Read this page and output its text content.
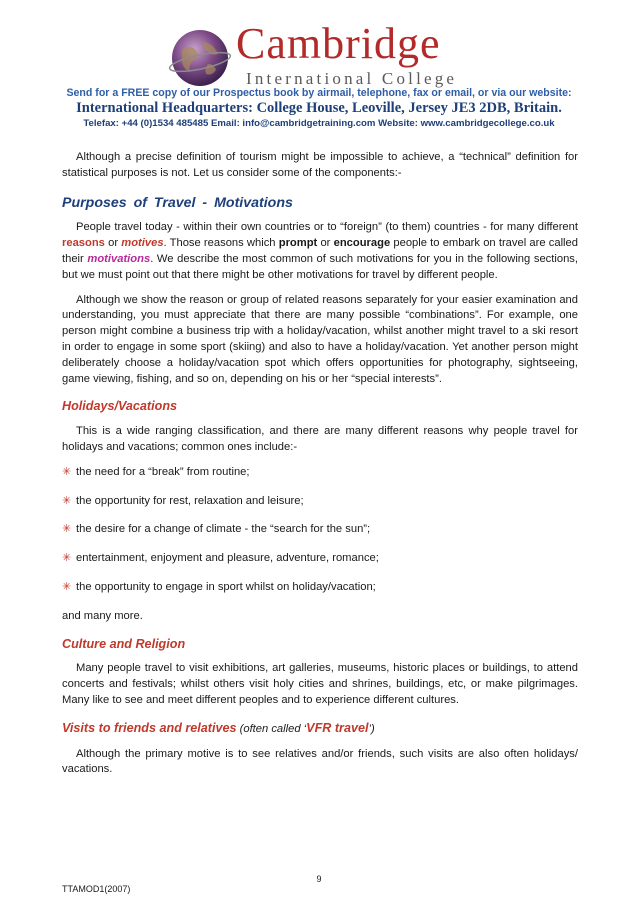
Cambridge
International College
Send for a FREE copy of our Prospectus book by airmail, telephone, fax or email, or via our website:
International Headquarters: College House, Leoville, Jersey JE3 2DB, Britain.
Telefax: +44 (0)1534 485485 Email: info@cambridgetraining.com Website: www.cambridgecollege.co.uk

Although a precise definition of tourism might be impossible to achieve, a “technical” definition for statistical purposes is not. Let us consider some of the components:-

Purposes of Travel - Motivations

People travel today - within their own countries or to “foreign” (to them) countries - for many different reasons or motives. Those reasons which prompt or encourage people to embark on travel are called their motivations. We describe the most common of such motivations for you in the following sections, but we must point out that there might be other motivations for travel by different people.

Although we show the reason or group of related reasons separately for your easier examination and understanding, you must appreciate that there are many possible “combinations”. For example, one person might combine a business trip with a holiday/vacation, whilst another might travel to a ski resort in order to engage in some sport (skiing) and also to have a holiday/vacation. Yet another person might deliberately choose a holiday/vacation spot which offers opportunities for photography, sightseeing, game viewing, fishing, and so on, depending on his or her “special interests”.

Holidays/Vacations

This is a wide ranging classification, and there are many different reasons why people travel for holidays and vacations; common ones include:-

✳ the need for a “break” from routine;
✳ the opportunity for rest, relaxation and leisure;
✳ the desire for a change of climate - the “search for the sun”;
✳ entertainment, enjoyment and pleasure, adventure, romance;
✳ the opportunity to engage in sport whilst on holiday/vacation;

and many more.

Culture and Religion

Many people travel to visit exhibitions, art galleries, museums, historic places or buildings, to attend concerts and festivals; whilst others visit holy cities and shrines, buildings, etc, or make pilgrimages. Many like to see and meet different peoples and to experience different cultures.

Visits to friends and relatives (often called ‘VFR travel’)

Although the primary motive is to see relatives and/or friends, such visits are also often holidays/ vacations.

9
TTAMOD1(2007)
